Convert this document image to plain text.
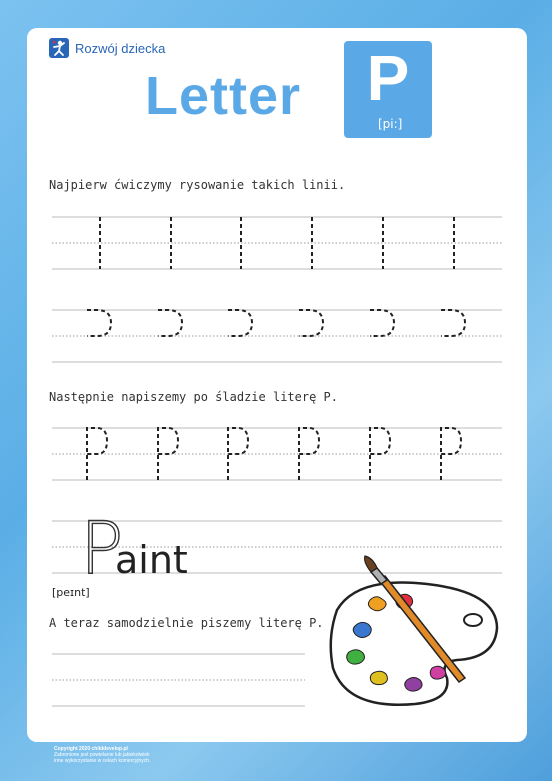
Rozwój dziecka
Letter	P
[pi:]
Najpierw ćwiczymy rysowanie takich linii.
Następnie napiszemy po śladzie literę P.
A teraz samodzielnie piszemy literę P.
P
aint
[peɪnt]
Copyright 2020 childdevelop.pl
Zabronione jest powielanie lub jakiekolwiek
inne wykorzystanie w celach komercyjnych.
